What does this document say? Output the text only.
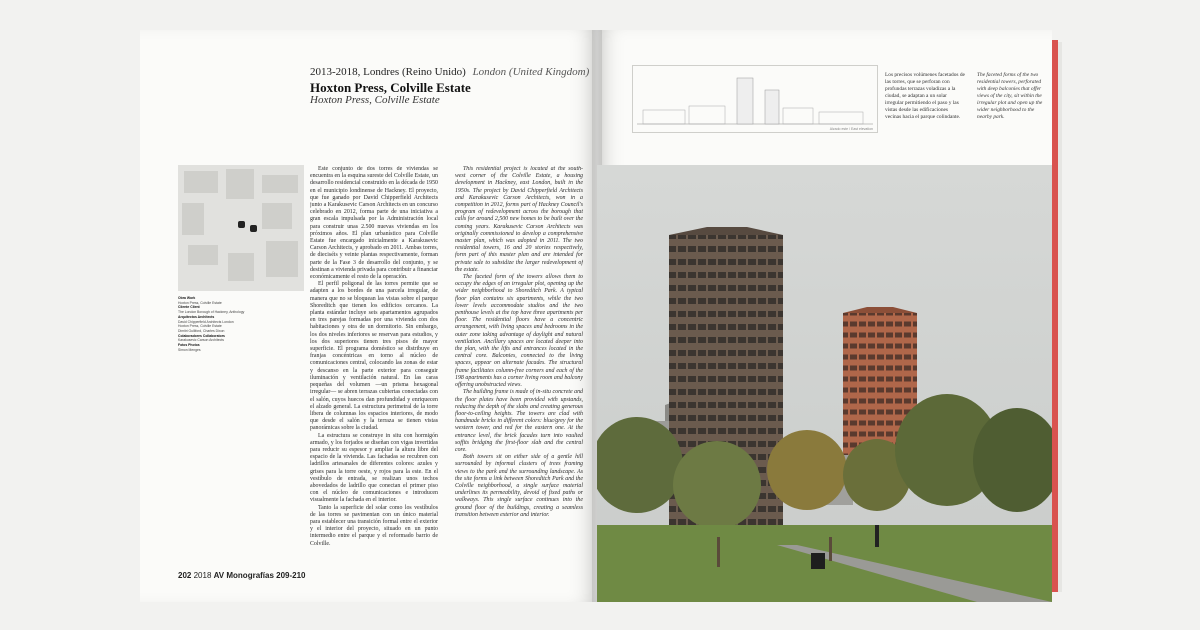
2013-2018, Londres (Reino Unido) London (United Kingdom)
Hoxton Press, Colville Estate
Hoxton Press, Colville Estate
Obra Work
Hoxton Press, Colville Estate
Cliente Client
The London Borough of Hackney, Anthology
Arquitectos Architects
David Chipperfield Architects London
Hoxton Press, Colville Estate
Dimitri Gulliford, Charles Dixon
Colaboradores Collaborators
Karakusevic Carson Architects
Fotos Photos
Simon Menges

Este conjunto de dos torres de viviendas se encuentra en la esquina sureste del Colville Estate, un desarrollo residencial construido en la década de 1950 en el municipio londinense de Hackney. El proyecto, que fue ganado por David Chipperfield Architects junto a Karakusevic Carson Architects en un concurso celebrado en 2012, forma parte de una iniciativa a gran escala impulsada por la Administración local para construir unas 2.500 nuevas viviendas en los próximos años. El plan urbanístico para Colville Estate fue encargado inicialmente a Karakusevic Carson Architects, y aprobado en 2011. Ambas torres, de dieciséis y veinte plantas respectivamente, forman parte de la Fase 3 de desarrollo del conjunto, y se destinan a vivienda privada para contribuir a financiar económicamente el resto de la operación.

El perfil poligonal de las torres permite que se adapten a los bordes de una parcela irregular, de manera que no se bloquean las vistas sobre el parque Shoreditch que tienen los edificios cercanos. La planta estándar incluye seis apartamentos agrupados en tres parejas formadas por una vivienda con dos habitaciones y otra de un dormitorio. Sin embargo, los dos niveles inferiores se reservan para estudios, y los dos superiores tienen tres pisos de mayor superficie. El programa doméstico se distribuye en franjas concéntricas en torno al núcleo de comunicaciones central, colocando las zonas de estar y descanso en la parte exterior para conseguir iluminación y ventilación natural. En las caras pequeñas del volumen —un prisma hexagonal irregular— se abren terrazas cubiertas conectadas con el salón, cuyos huecos dan profundidad y enriquecen el alzado general. La estructura perimetral de la torre libera de columnas los espacios interiores, de modo que desde el salón y la terraza se tienen vistas panorámicas sobre la ciudad.

La estructura se construye in situ con hormigón armado, y los forjados se diseñan con vigas invertidas para reducir su espesor y ampliar la altura libre del espacio de la vivienda. Las fachadas se recubren con ladrillos artesanales de diferentes colores: azules y grises para la torre oeste, y rojos para la este. En el vestíbulo de entrada, se realizan unos techos abovedados de ladrillo que conectan el primer piso con el núcleo de comunicaciones e introducen visualmente la fachada en el interior.

Tanto la superficie del solar como los vestíbulos de las torres se pavimentan con un único material para establecer una transición formal entre el exterior y el interior del proyecto, situado en un punto intermedio entre el parque y el reformado barrio de Colville.

This residential project is located at the south-west corner of the Colville Estate, a housing development in Hackney, east London, built in the 1950s. The project by David Chipperfield Architects and Karakusevic Carson Architects, won in a competition in 2012, forms part of Hackney Council's program of redevelopment across the borough that calls for around 2,500 new homes to be built over the coming years. Karakusevic Carson Architects was originally commissioned to develop a comprehensive master plan, which was adopted in 2011. The two residential towers, 16 and 20 stories respectively, form part of this master plan and are intended for private sale to subsidize the larger redevelopment of the estate.

The faceted form of the towers allows them to occupy the edges of an irregular plot, opening up the wider neighborhood to Shoreditch Park. A typical floor plan contains six apartments, while the two lower levels accommodate studios and the two penthouse levels at the top have three apartments per floor. The residential floors have a concentric arrangement, with living spaces and bedrooms in the outer zone taking advantage of daylight and natural ventilation. Ancillary spaces are located deeper into the plan, with the lifts and entrances located in the central core. Balconies, connected to the living spaces, appear on alternate facades. The structural frame facilitates column-free corners and each of the 198 apartments has a corner living room and balcony offering unobstructed views.

The building frame is made of in-situ concrete and the floor plates have been provided with upstands, reducing the depth of the slabs and creating generous floor-to-ceiling heights. The towers are clad with handmade bricks in different colors: blue/grey for the western tower, and red for the eastern one. At the entrance level, the brick facades turn into vaulted soffits bridging the first-floor slab and the central core.

Both towers sit on either side of a gentle hill surrounded by informal clusters of trees framing views to the park and the surrounding landscape. As the site forms a link between Shoreditch Park and the Colville neighborhood, a single surface material underlines its permeability, devoid of fixed paths or walkways. This single surface continues into the ground floor of the buildings, creating a seamless transition between exterior and interior.

202 2018 AV Monografías 209-210
Alzado este / East elevation
Los precisos volúmenes facetados de las torres, que se perforan con profundas terrazas voladizas a la ciudad, se adaptan a un solar irregular permitiendo el paso y las vistas desde las edificaciones vecinas hacia el parque colindante.
The faceted forms of the two residential towers, perforated with deep balconies that offer views of the city, sit within the irregular plot and open up the wider neighborhood to the nearby park.
